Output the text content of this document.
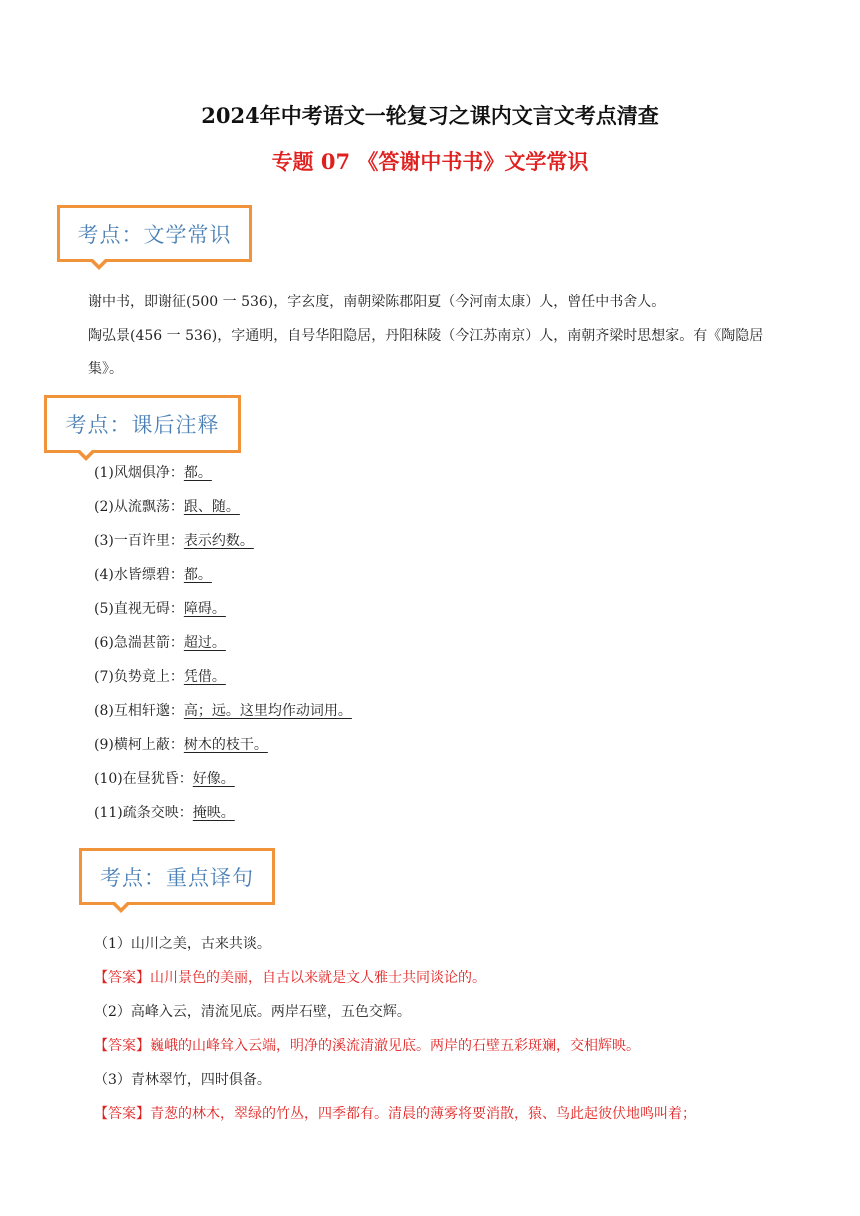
2024年中考语文一轮复习之课内文言文考点清查
专题 07 《答谢中书书》文学常识
考点：文学常识
谢中书，即谢征(500 一 536)，字玄度，南朝梁陈郡阳夏（今河南太康）人，曾任中书舍人。
陶弘景(456 一 536)，字通明，自号华阳隐居，丹阳秣陵（今江苏南京）人，南朝齐梁时思想家。有《陶隐居集》。
考点：课后注释
(1)风烟俱净：都。
(2)从流飘荡：跟、随。
(3)一百许里：表示约数。
(4)水皆缥碧：都。
(5)直视无碍：障碍。
(6)急湍甚箭：超过。
(7)负势竟上：凭借。
(8)互相轩邈：高；远。这里均作动词用。
(9)横柯上蔽：树木的枝干。
(10)在昼犹昏：好像。
(11)疏条交映：掩映。
考点：重点译句
（1）山川之美，古来共谈。
【答案】山川景色的美丽，自古以来就是文人雅士共同谈论的。
（2）高峰入云，清流见底。两岸石壁，五色交辉。
【答案】巍峨的山峰耸入云端，明净的溪流清澈见底。两岸的石壁五彩斑斓，交相辉映。
（3）青林翠竹，四时俱备。
【答案】青葱的林木，翠绿的竹丛，四季都有。清晨的薄雾将要消散，猿、鸟此起彼伏地鸣叫着；
